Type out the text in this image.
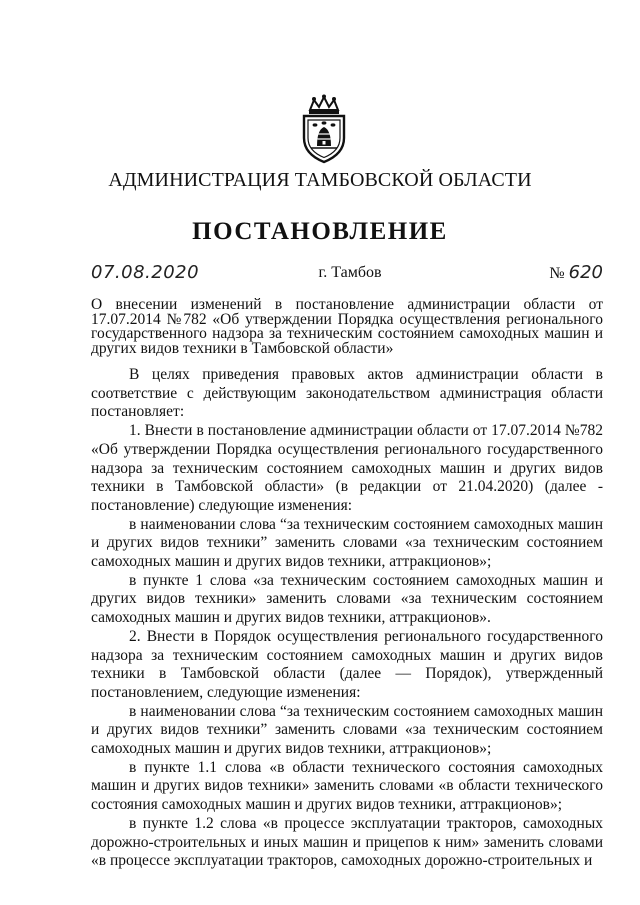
АДМИНИСТРАЦИЯ ТАМБОВСКОЙ ОБЛАСТИ
ПОСТАНОВЛЕНИЕ
07.08.2020	г. Тамбов	№ 620

О внесении изменений в постановление администрации области от 17.07.2014 №782 «Об утверждении Порядка осуществления регионального государственного надзора за техническим состоянием самоходных машин и других видов техники в Тамбовской области»

В целях приведения правовых актов администрации области в соответствие с действующим законодательством администрация области постановляет:

1. Внести в постановление администрации области от 17.07.2014 №782 «Об утверждении Порядка осуществления регионального государственного надзора за техническим состоянием самоходных машин и других видов техники в Тамбовской области» (в редакции от 21.04.2020) (далее - постановление) следующие изменения:

в наименовании слова “за техническим состоянием самоходных машин и других видов техники” заменить словами «за техническим состоянием самоходных машин и других видов техники, аттракционов»;

в пункте 1 слова «за техническим состоянием самоходных машин и других видов техники» заменить словами «за техническим состоянием самоходных машин и других видов техники, аттракционов».

2. Внести в Порядок осуществления регионального государственного надзора за техническим состоянием самоходных машин и других видов техники в Тамбовской области (далее — Порядок), утвержденный постановлением, следующие изменения:

в наименовании слова “за техническим состоянием самоходных машин и других видов техники” заменить словами «за техническим состоянием самоходных машин и других видов техники, аттракционов»;

в пункте 1.1 слова «в области технического состояния самоходных машин и других видов техники» заменить словами «в области технического состояния самоходных машин и других видов техники, аттракционов»;

в пункте 1.2 слова «в процессе эксплуатации тракторов, самоходных дорожно-строительных и иных машин и прицепов к ним» заменить словами «в процессе эксплуатации тракторов, самоходных дорожно-строительных и
